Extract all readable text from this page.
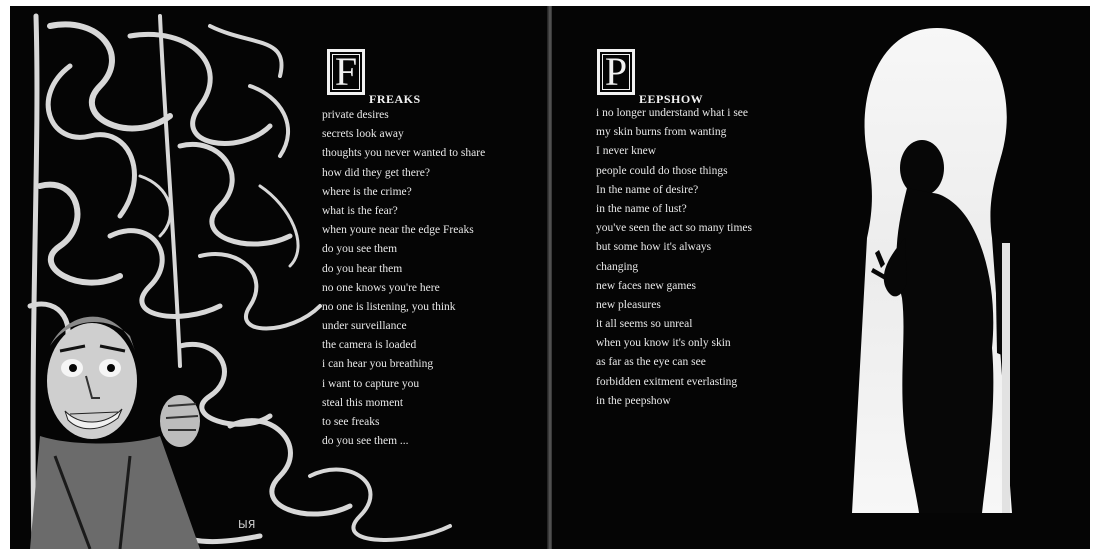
ЫЯ
F
FREAKS
private desires
secrets look away
thoughts you never wanted to share
how did they get there?
where is the crime?
what is the fear?
when youre near the edge Freaks
do you see them
do you hear them
no one knows you're here
no one is listening, you think
under surveillance
the camera is loaded
i can hear you breathing
i want to capture you
steal this moment
to see freaks
do you see them ...
P
EEPSHOW
i no longer understand what i see
my skin burns from wanting
I never knew
people could do those things
In the name of desire?
in the name of lust?
you've seen the act so many times
but some how it's always
changing
new faces new games
new pleasures
it all seems so unreal
when you know it's only skin
as far as the eye can see
forbidden exitment everlasting
in the peepshow
